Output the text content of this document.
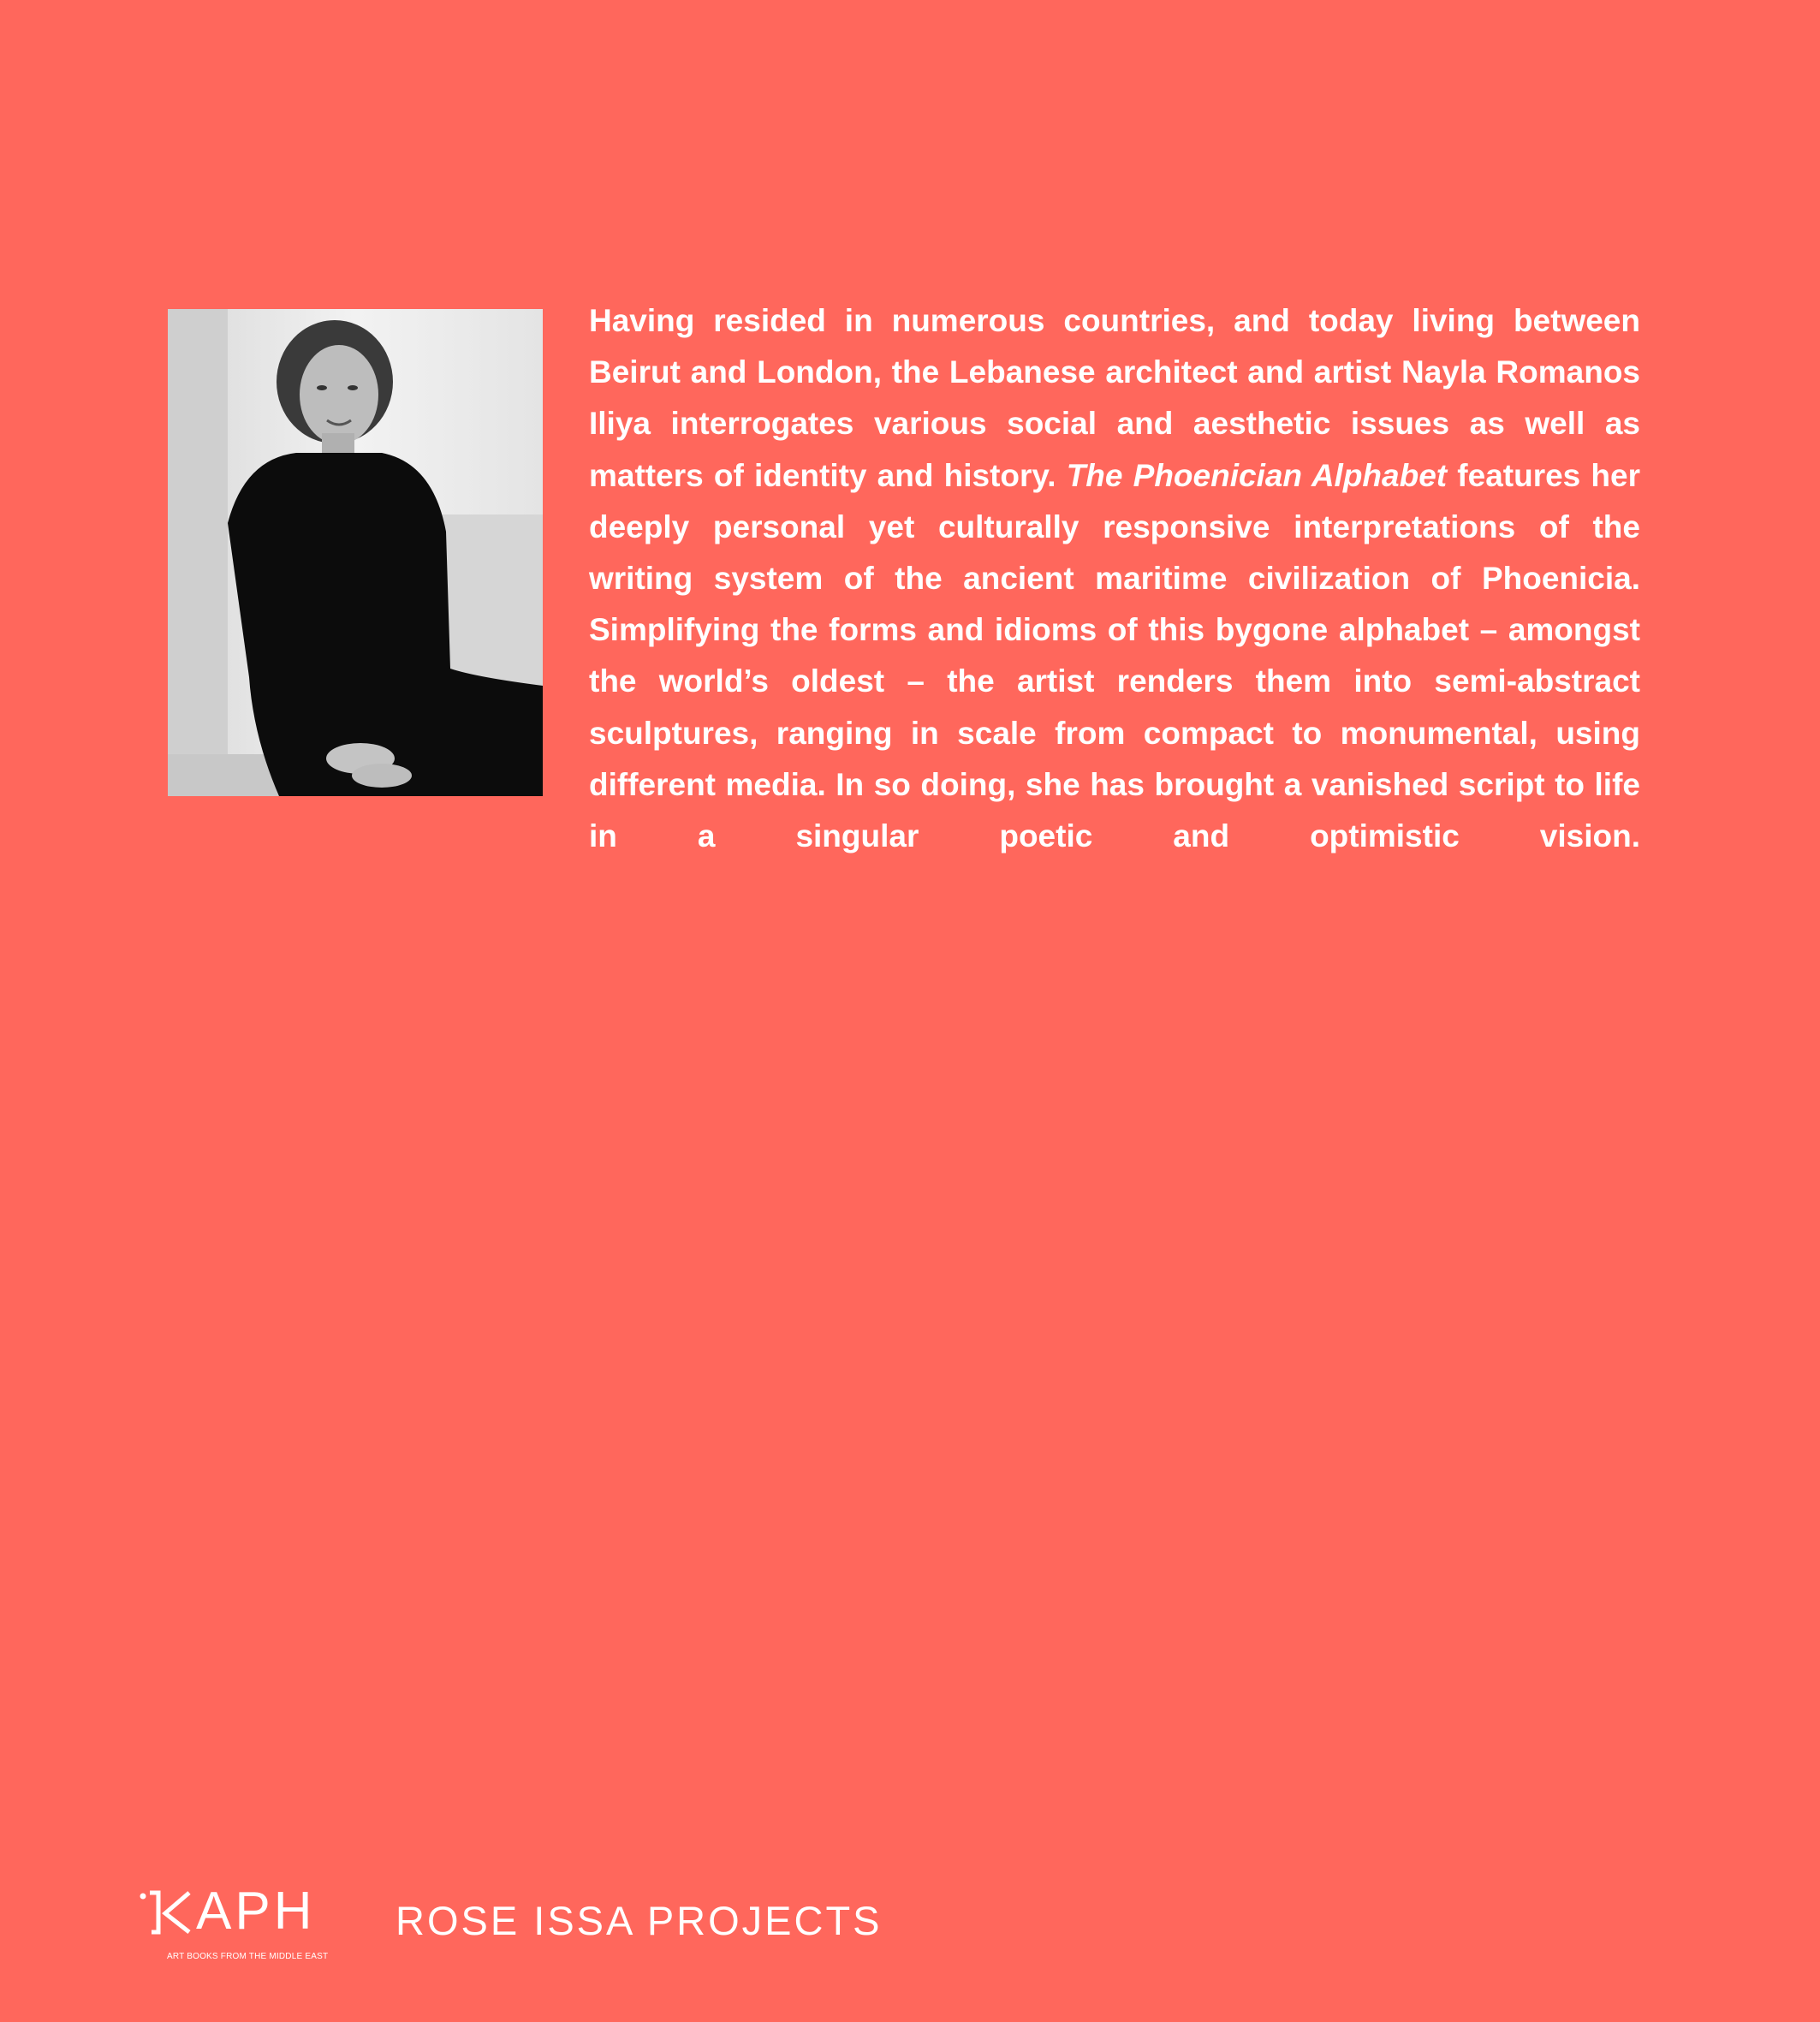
Having resided in numerous countries, and today living between Beirut and London, the Lebanese architect and artist Nayla Romanos Iliya interrogates various social and aesthetic issues as well as matters of identity and history. The Phoenician Alphabet features her deeply personal yet culturally responsive interpretations of the writing system of the ancient maritime civilization of Phoenicia. Simplifying the forms and idioms of this bygone alphabet – amongst the world’s oldest – the artist renders them into semi-abstract sculptures, ranging in scale from compact to monumental, using different media. In so doing, she has brought a vanished script to life in a singular poetic and optimistic vision.

APH
ART BOOKS FROM THE MIDDLE EAST

ROSE ISSA PROJECTS
